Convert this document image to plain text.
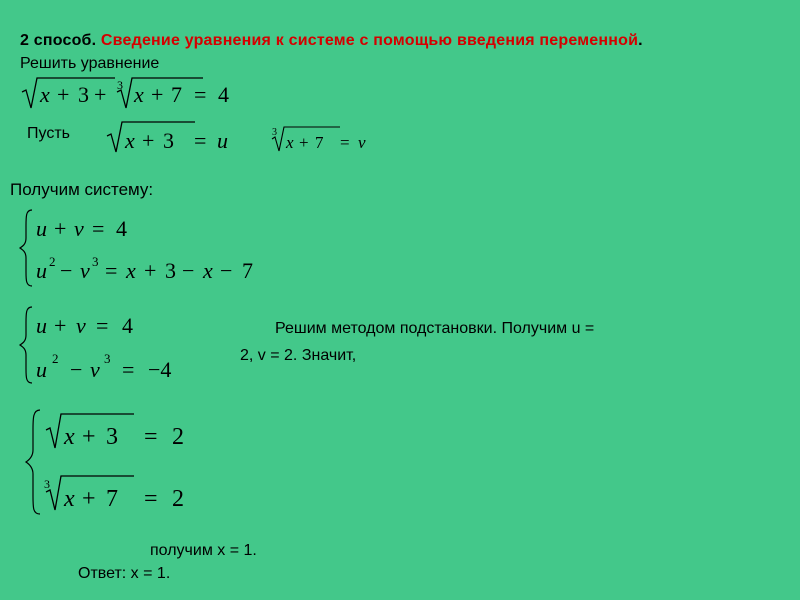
2 способ. Сведение уравнения к системе с помощью введения переменной.
Решить уравнение
x + 3 + 3 x + 7 = 4
Пусть	x + 3 = u	3
x + 7 = v
Получим систему:
u + v = 4
u 2 − v 3 = x + 3 − x − 7
u + v = 4
u 2 − v 3 = −4
Решим методом подстановки. Получим u =
2, v = 2. Значит,
x + 3 = 2
3
x + 7 = 2
получим x = 1.
Ответ: x = 1.
